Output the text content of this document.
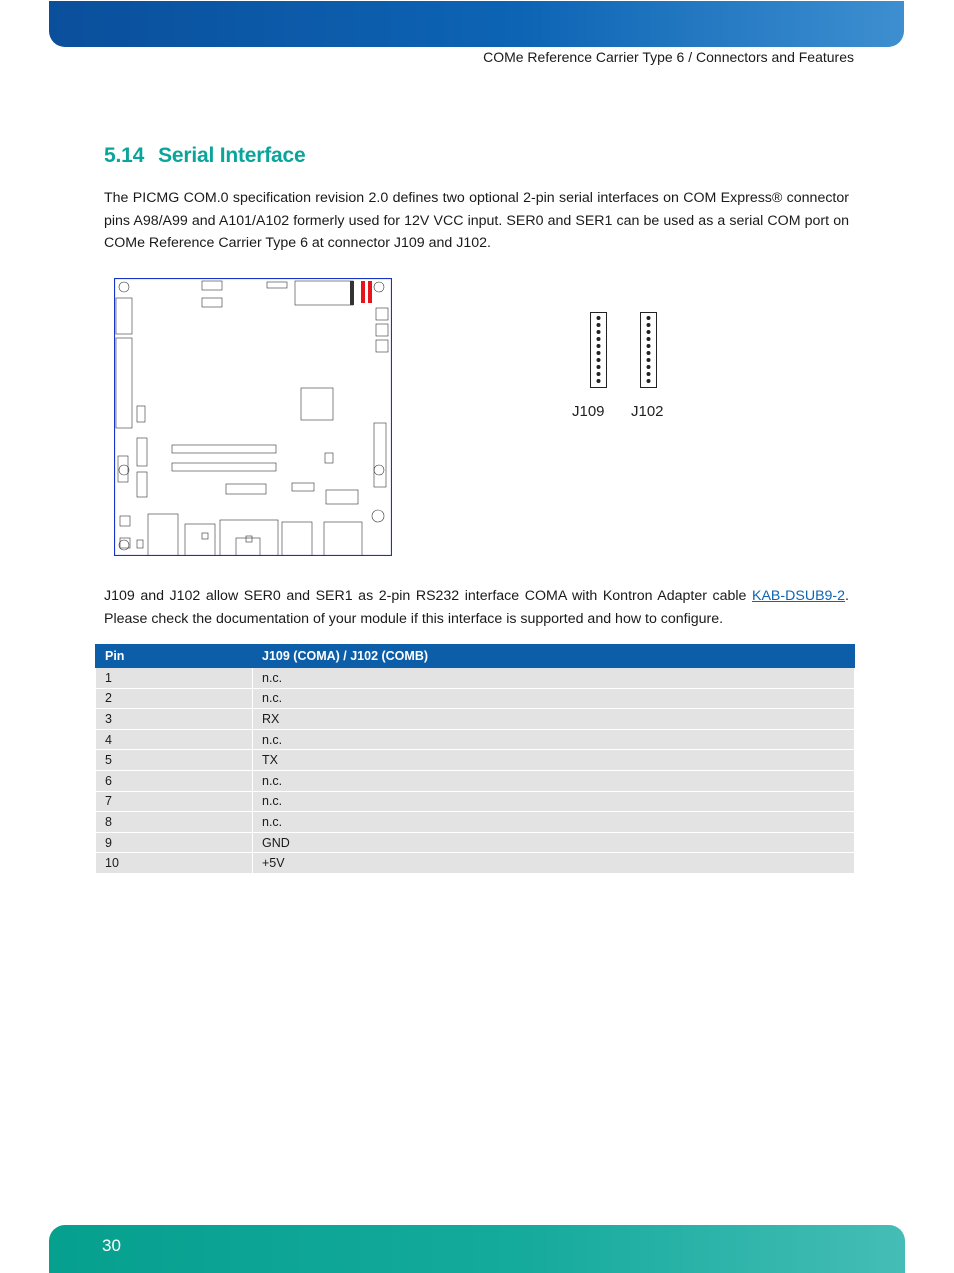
COMe Reference Carrier Type 6 / Connectors and Features
5.14 Serial Interface
The PICMG COM.0 specification revision 2.0 defines two optional 2-pin serial interfaces on COM Express® connector pins A98/A99 and A101/A102 formerly used for 12V VCC input. SER0 and SER1 can be used as a serial COM port on COMe Reference Carrier Type 6 at connector J109 and J102.
J109 J102
J109 and J102 allow SER0 and SER1 as 2-pin RS232 interface COMA with Kontron Adapter cable KAB-DSUB9-2. Please check the documentation of your module if this interface is supported and how to configure.
Pin	J109 (COMA) / J102 (COMB)
1	n.c.
2	n.c.
3	RX
4	n.c.
5	TX
6	n.c.
7	n.c.
8	n.c.
9	GND
10	+5V
30
